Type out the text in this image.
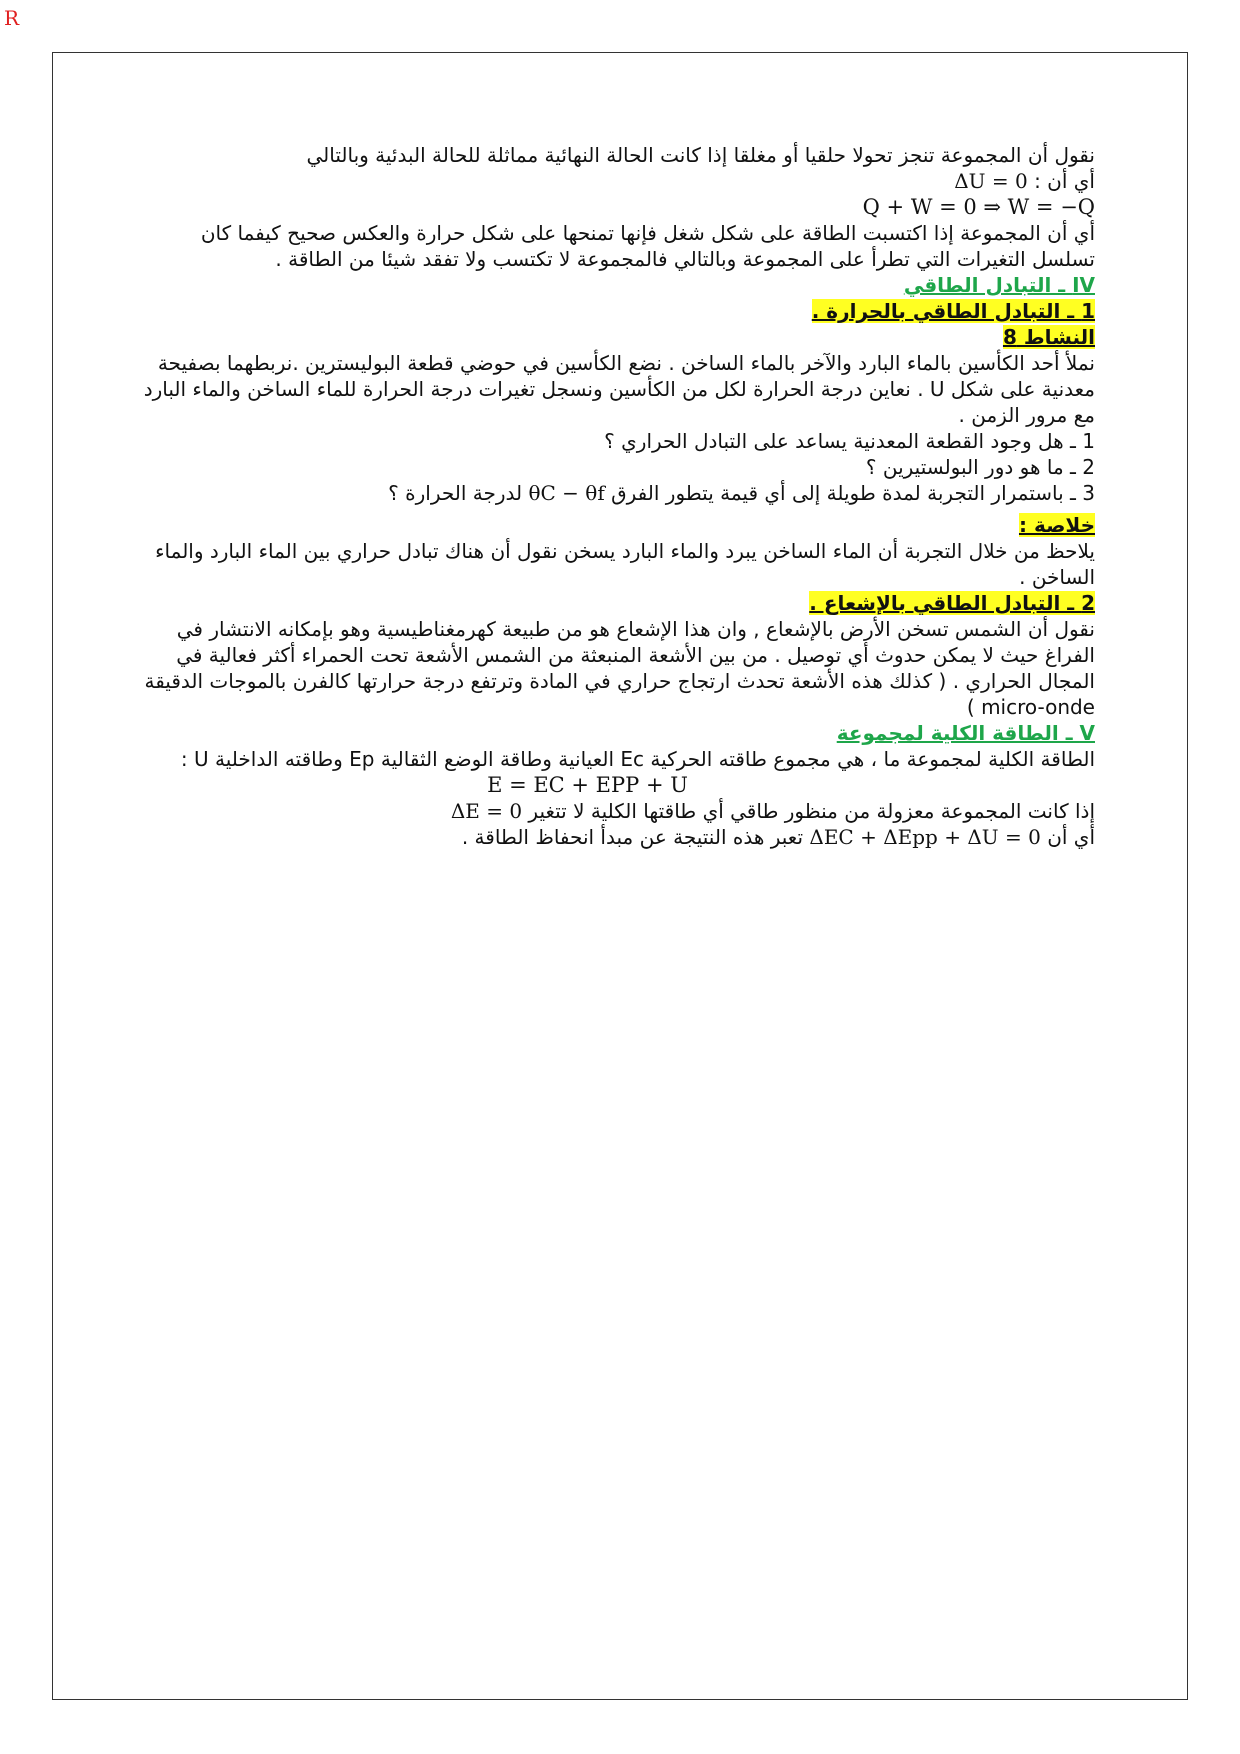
R

نقول أن المجموعة تنجز تحولا حلقيا أو مغلقا إذا كانت الحالة النهائية مماثلة للحالة البدئية وبالتالي

أي أن : ΔU = 0

Q + W = 0 ⇒ W = −Q

أي أن المجموعة إذا اكتسبت الطاقة على شكل شغل فإنها تمنحها على شكل حرارة والعكس صحيح كيفما كان تسلسل التغيرات التي تطرأ على المجموعة وبالتالي فالمجموعة لا تكتسب ولا تفقد شيئا من الطاقة .

IV ـ التبادل الطاقي

1 ـ التبادل الطاقي بالحرارة .

النشاط 8

نملأ أحد الكأسين بالماء البارد والآخر بالماء الساخن . نضع الكأسين في حوضي قطعة البوليسترين .نربطهما بصفيحة معدنية على شكل U . نعاين درجة الحرارة لكل من الكأسين ونسجل تغيرات درجة الحرارة للماء الساخن والماء البارد مع مرور الزمن .

1 ـ هل وجود القطعة المعدنية يساعد على التبادل الحراري ؟

2 ـ ما هو دور البولستيرين ؟

3 ـ باستمرار التجربة لمدة طويلة إلى أي قيمة يتطور الفرق θC − θf لدرجة الحرارة ؟

خلاصة :

يلاحظ من خلال التجربة أن الماء الساخن يبرد والماء البارد يسخن نقول أن هناك تبادل حراري بين الماء البارد والماء الساخن .

2 ـ التبادل الطاقي بالإشعاع .

نقول أن الشمس تسخن الأرض بالإشعاع , وان هذا الإشعاع هو من طبيعة كهرمغناطيسية وهو بإمكانه الانتشار في الفراغ حيث لا يمكن حدوث أي توصيل . من بين الأشعة المنبعثة من الشمس الأشعة تحت الحمراء أكثر فعالية في المجال الحراري . ( كذلك هذه الأشعة تحدث ارتجاج حراري في المادة وترتفع درجة حرارتها كالفرن بالموجات الدقيقة micro-onde )

V ـ الطاقة الكلية لمجموعة

الطاقة الكلية لمجموعة ما ، هي مجموع طاقته الحركية Ec العيانية وطاقة الوضع الثقالية Ep وطاقته الداخلية U :

E = EC + EPP + U

إذا كانت المجموعة معزولة من منظور طاقي أي طاقتها الكلية لا تتغير ΔE = 0

أي أن ΔEC + ΔEpp + ΔU = 0 تعبر هذه النتيجة عن مبدأ انحفاظ الطاقة .
